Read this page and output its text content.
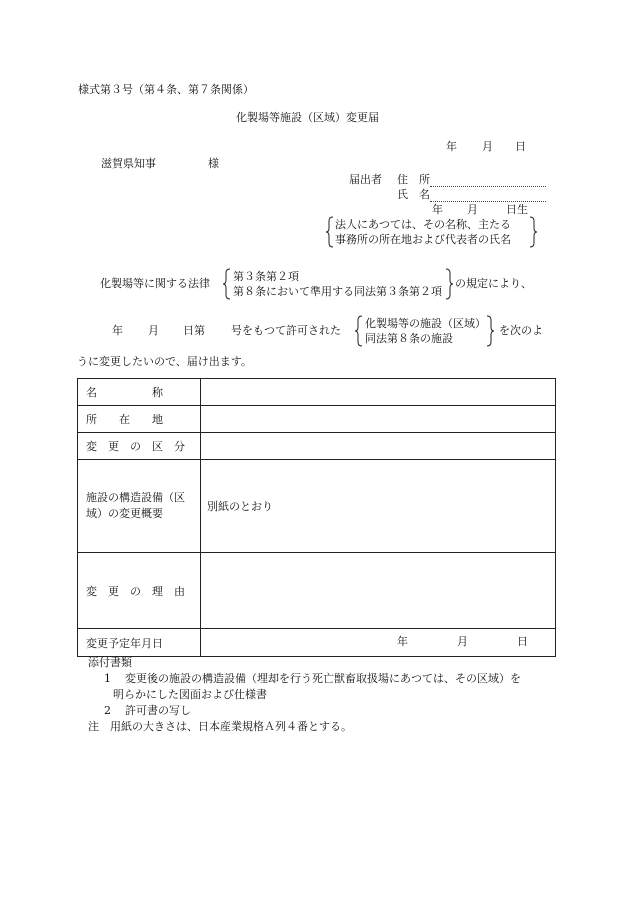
様式第３号（第４条、第７条関係）
化製場等施設（区域）変更届
年 月 日
滋賀県知事	様
届出者 住　所
氏　名
年 月	日生
法人にあつては、その名称、主たる
事務所の所在地および代表者の氏名
化製場等に関する法律
第３条第２項
第８条において準用する同法第３条第２項
の規定により、
年 月 日第 号をもつて許可された
化製場等の施設（区域）
同法第８条の施設
を次のよ
うに変更したいので、届け出ます。
名　　　　　称	
所　　在　　地	
変　更　の　区　分	
施設の構造設備（区域）の変更概要	別紙のとおり
変　更　の　理　由	
変更予定年月日	年 月 日
添付書類
1 変更後の施設の構造設備（埋却を行う死亡獣畜取扱場にあつては、その区域）を
明らかにした図面および仕様書
2 許可書の写し
注 用紙の大きさは、日本産業規格Ａ列４番とする。
